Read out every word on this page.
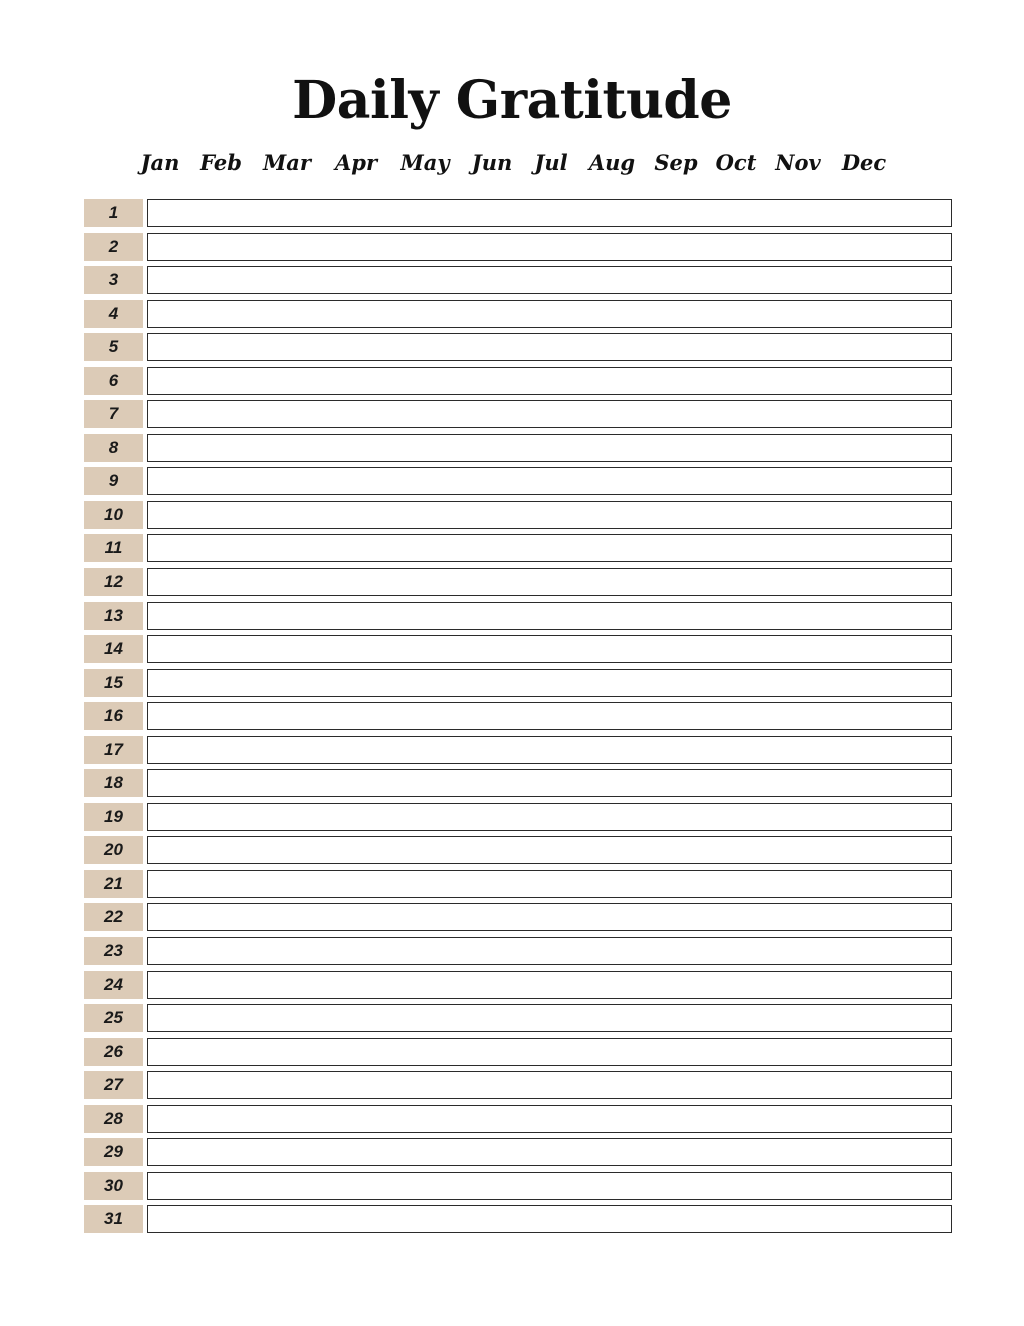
Daily Gratitude
Jan Feb Mar Apr May Jun Jul Aug Sep Oct Nov Dec
1
2
3
4
5
6
7
8
9
10
11
12
13
14
15
16
17
18
19
20
21
22
23
24
25
26
27
28
29
30
31
